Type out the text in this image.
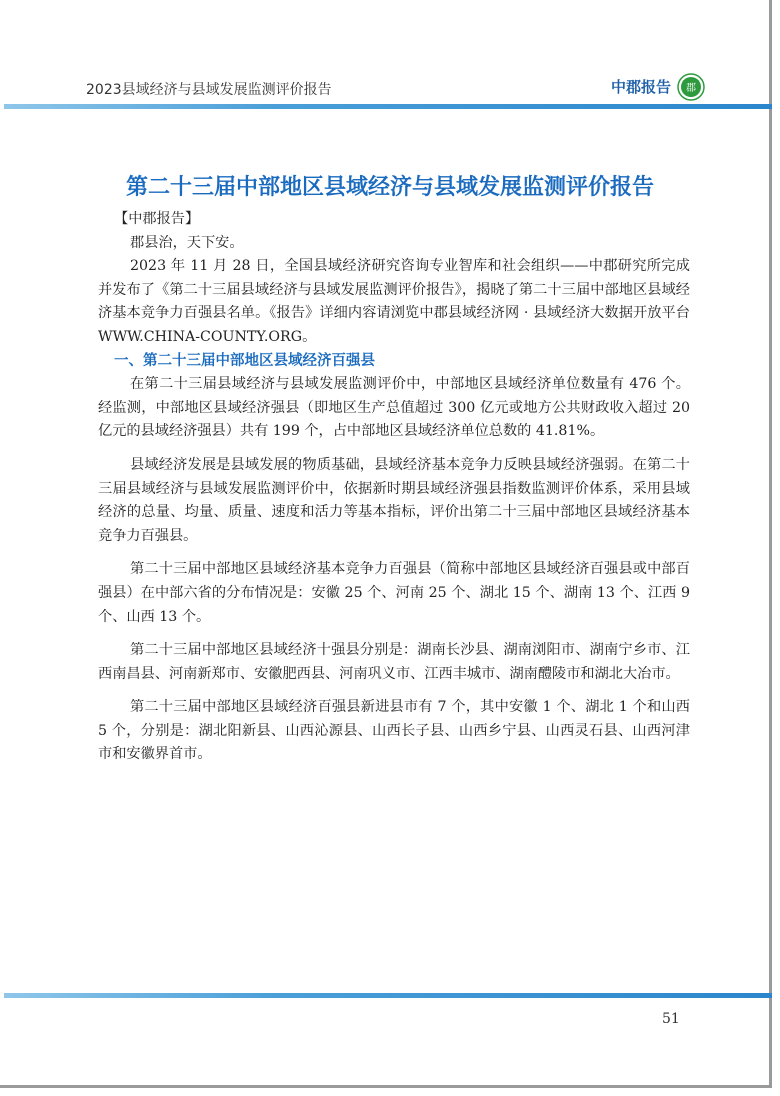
2023县域经济与县域发展监测评价报告	中郡报告 郡
第二十三届中部地区县域经济与县域发展监测评价报告

【中郡报告】

郡县治，天下安。

2023 年 11 月 28 日，全国县域经济研究咨询专业智库和社会组织——中郡研究所完成并发布了《第二十三届县域经济与县域发展监测评价报告》，揭晓了第二十三届中部地区县域经济基本竞争力百强县名单。《报告》详细内容请浏览中郡县域经济网 · 县域经济大数据开放平台 WWW.CHINA-COUNTY.ORG。

一、第二十三届中部地区县域经济百强县

在第二十三届县域经济与县域发展监测评价中，中部地区县域经济单位数量有 476 个。经监测，中部地区县域经济强县（即地区生产总值超过 300 亿元或地方公共财政收入超过 20 亿元的县域经济强县）共有 199 个，占中部地区县域经济单位总数的 41.81%。

县域经济发展是县域发展的物质基础，县域经济基本竞争力反映县域经济强弱。在第二十三届县域经济与县域发展监测评价中，依据新时期县域经济强县指数监测评价体系，采用县域经济的总量、均量、质量、速度和活力等基本指标，评价出第二十三届中部地区县域经济基本竞争力百强县。

第二十三届中部地区县域经济基本竞争力百强县（简称中部地区县域经济百强县或中部百强县）在中部六省的分布情况是：安徽 25 个、河南 25 个、湖北 15 个、湖南 13 个、江西 9 个、山西 13 个。

第二十三届中部地区县域经济十强县分别是：湖南长沙县、湖南浏阳市、湖南宁乡市、江西南昌县、河南新郑市、安徽肥西县、河南巩义市、江西丰城市、湖南醴陵市和湖北大冶市。

第二十三届中部地区县域经济百强县新进县市有 7 个，其中安徽 1 个、湖北 1 个和山西 5 个，分别是：湖北阳新县、山西沁源县、山西长子县、山西乡宁县、山西灵石县、山西河津市和安徽界首市。

51
